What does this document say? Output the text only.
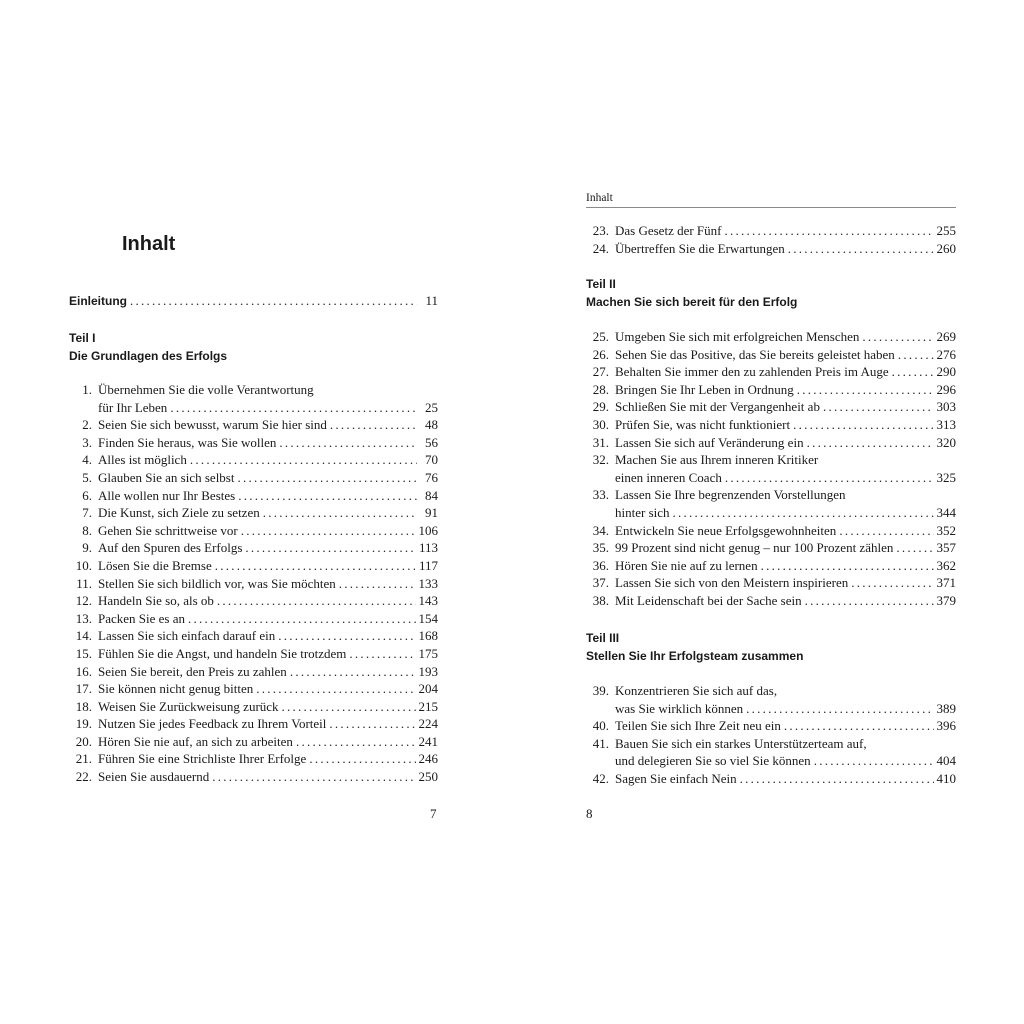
Inhalt
Einleitung . . .	11
Teil I
Die Grundlagen des Erfolgs
1. Übernehmen Sie die volle Verantwortung
für Ihr Leben . . .	25
2. Seien Sie sich bewusst, warum Sie hier sind . . .	48
3. Finden Sie heraus, was Sie wollen . . .	56
4. Alles ist möglich . . .	70
5. Glauben Sie an sich selbst . . .	76
6. Alle wollen nur Ihr Bestes . . .	84
7. Die Kunst, sich Ziele zu setzen . . .	91
8. Gehen Sie schrittweise vor . . .	106
9. Auf den Spuren des Erfolgs . . .	113
10. Lösen Sie die Bremse . . .	117
11. Stellen Sie sich bildlich vor, was Sie möchten . . .	133
12. Handeln Sie so, als ob . . .	143
13. Packen Sie es an . . .	154
14. Lassen Sie sich einfach darauf ein . . .	168
15. Fühlen Sie die Angst, und handeln Sie trotzdem . . .	175
16. Seien Sie bereit, den Preis zu zahlen . . .	193
17. Sie können nicht genug bitten . . .	204
18. Weisen Sie Zurückweisung zurück . . .	215
19. Nutzen Sie jedes Feedback zu Ihrem Vorteil . . .	224
20. Hören Sie nie auf, an sich zu arbeiten . . .	241
21. Führen Sie eine Strichliste Ihrer Erfolge . . .	246
22. Seien Sie ausdauernd . . .	250
7
Inhalt
23. Das Gesetz der Fünf . . .	255
24. Übertreffen Sie die Erwartungen . . .	260
Teil II
Machen Sie sich bereit für den Erfolg
25. Umgeben Sie sich mit erfolgreichen Menschen . . .	269
26. Sehen Sie das Positive, das Sie bereits geleistet haben . . .	276
27. Behalten Sie immer den zu zahlenden Preis im Auge . . .	290
28. Bringen Sie Ihr Leben in Ordnung . . .	296
29. Schließen Sie mit der Vergangenheit ab . . .	303
30. Prüfen Sie, was nicht funktioniert . . .	313
31. Lassen Sie sich auf Veränderung ein . . .	320
32. Machen Sie aus Ihrem inneren Kritiker
einen inneren Coach . . .	325
33. Lassen Sie Ihre begrenzenden Vorstellungen
hinter sich . . .	344
34. Entwickeln Sie neue Erfolgsgewohnheiten . . .	352
35. 99 Prozent sind nicht genug – nur 100 Prozent zählen . . .	357
36. Hören Sie nie auf zu lernen . . .	362
37. Lassen Sie sich von den Meistern inspirieren . . .	371
38. Mit Leidenschaft bei der Sache sein . . .	379
Teil III
Stellen Sie Ihr Erfolgsteam zusammen
39. Konzentrieren Sie sich auf das,
was Sie wirklich können . . .	389
40. Teilen Sie sich Ihre Zeit neu ein . . .	396
41. Bauen Sie sich ein starkes Unterstützerteam auf,
und delegieren Sie so viel Sie können . . .	404
42. Sagen Sie einfach Nein . . .	410
8
